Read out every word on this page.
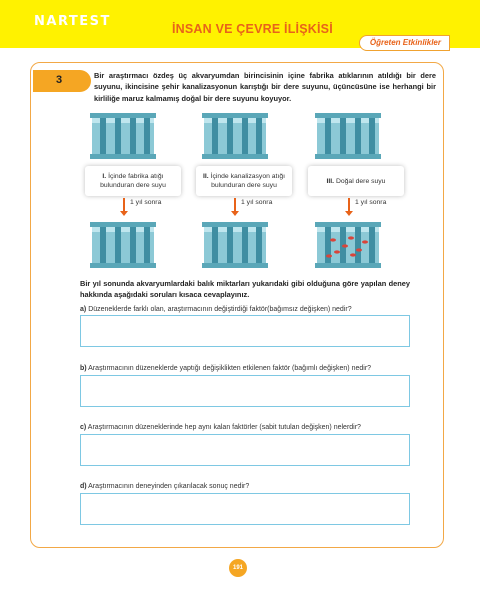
NARTEST	İNSAN VE ÇEVRE İLİŞKİSİ
Öğreten Etkinlikler
3	Bir araştırmacı özdeş üç akvaryumdan birincisinin içine fabrika atıklarının atıldığı bir dere suyunu, ikincisine şehir kanalizasyonun karıştığı bir dere suyunu, üçüncüsüne ise herhangi bir kirliliğe maruz kalmamış doğal bir dere suyunu koyuyor.
I. İçinde fabrika atığı bulunduran dere suyu
II. İçinde kanalizasyon atığı bulunduran dere suyu
III. Doğal dere suyu
1 yıl sonra	1 yıl sonra	1 yıl sonra
Bir yıl sonunda akvaryumlardaki balık miktarları yukarıdaki gibi olduğuna göre yapılan deney hakkında aşağıdaki soruları kısaca cevaplayınız.
a) Düzeneklerde farklı olan, araştırmacının değiştirdiği faktör(bağımsız değişken) nedir?
b) Araştırmacının düzeneklerde yaptığı değişiklikten etkilenen faktör (bağımlı değişken) nedir?
c) Araştırmacının düzeneklerinde hep aynı kalan faktörler (sabit tutulan değişken) nelerdir?
d) Araştırmacının deneyinden çıkarılacak sonuç nedir?
191
